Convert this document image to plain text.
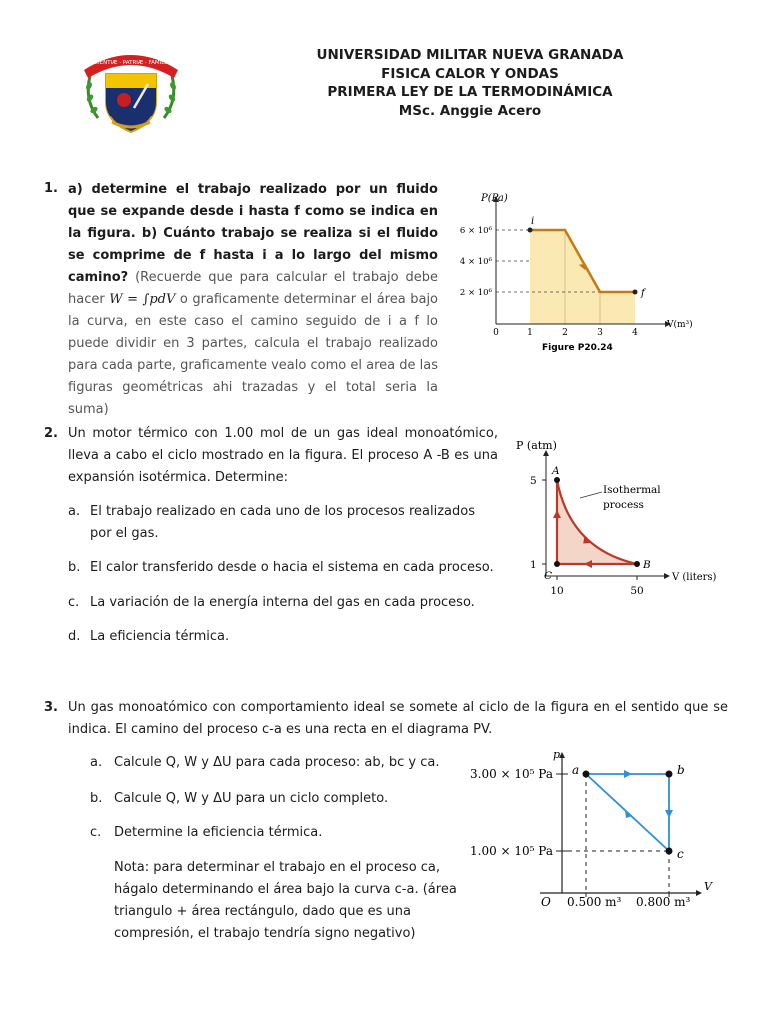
SCIENTIÆ · PATRIÆ · FAMILIÆ	UNIVERSIDAD MILITAR NUEVA GRANADA
FISICA CALOR Y ONDAS
PRIMERA LEY DE LA TERMODINÁMICA
MSc. Anggie Acero
1. a) determine el trabajo realizado por un fluido que se expande desde i hasta f como se indica en la figura. b) Cuánto trabajo se realiza si el fluido se comprime de f hasta i a lo largo del mismo camino? (Recuerde que para calcular el trabajo debe hacer W = ∫pdV o graficamente determinar el área bajo la curva, en este caso el camino seguido de i a f lo puede dividir en 3 partes, calcula el trabajo realizado para cada parte, graficamente vealo como el area de las figuras geométricas ahi trazadas y el total seria la suma)
P(Pa)
V(m³)
6 × 10⁶
4 × 10⁶
2 × 10⁶
0	1	2	3	4
i
f
Figure P20.24
2. Un motor térmico con 1.00 mol de un gas ideal monoatómico, lleva a cabo el ciclo mostrado en la figura. El proceso A -B es una expansión isotérmica. Determine:
a. El trabajo realizado en cada uno de los procesos realizados por el gas.
b. El calor transferido desde o hacia el sistema en cada proceso.
c. La variación de la energía interna del gas en cada proceso.
d. La eficiencia térmica.
P (atm)
V (liters)
5
1
10	50
A
B
C
Isothermal
process
3. Un gas monoatómico con comportamiento ideal se somete al ciclo de la figura en el sentido que se indica. El camino del proceso c-a es una recta en el diagrama PV.
a. Calcule Q, W y ΔU para cada proceso: ab, bc y ca.
b. Calcule Q, W y ΔU para un ciclo completo.
c. Determine la eficiencia térmica.
Nota: para determinar el trabajo en el proceso ca, hágalo determinando el área bajo la curva c-a. (área triangulo + área rectángulo, dado que es una compresión, el trabajo tendría signo negativo)
p
V
3.00 × 10⁵ Pa
1.00 × 10⁵ Pa
O 0.500 m³ 0.800 m³
a	b
c
